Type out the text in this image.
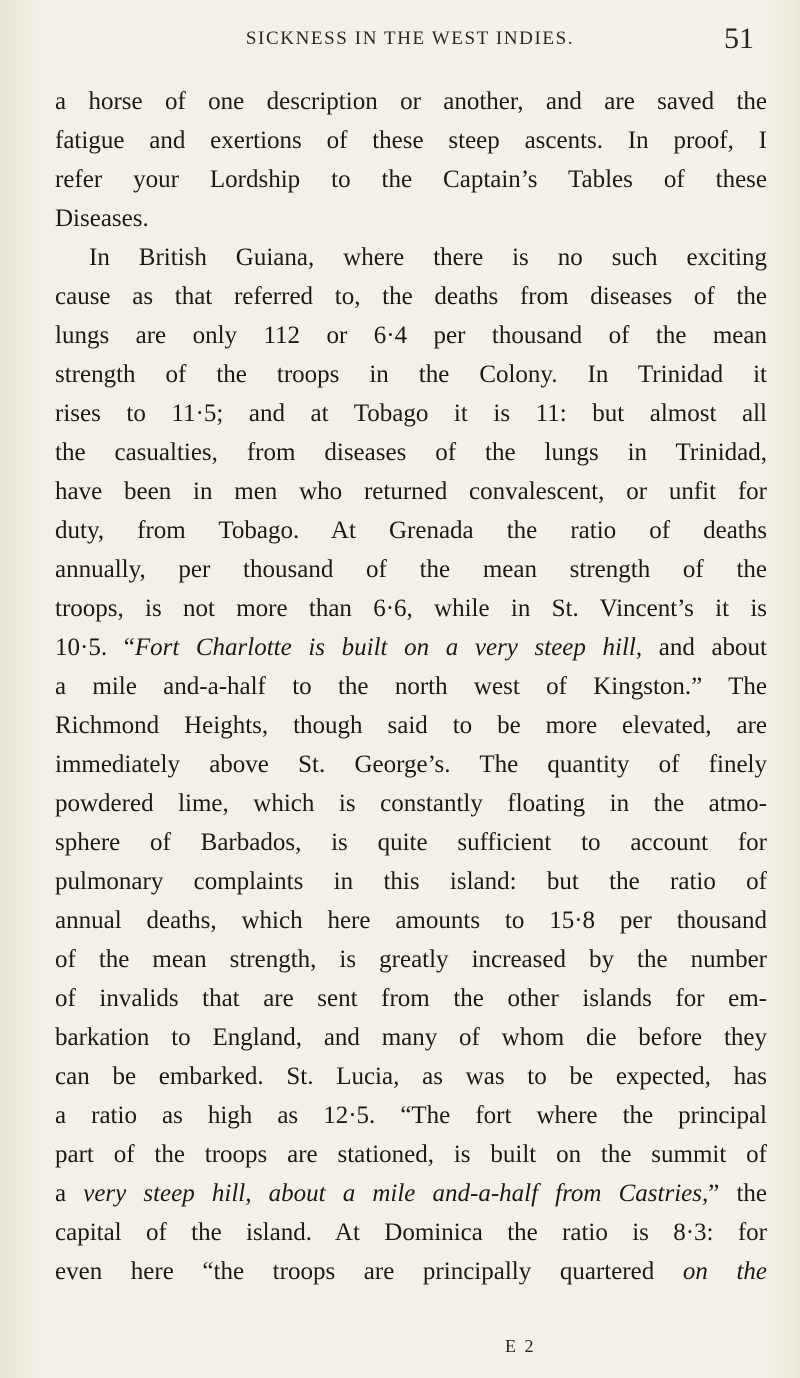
SICKNESS IN THE WEST INDIES.	51
a horse of one description or another, and are saved the
fatigue and exertions of these steep ascents. In proof, I
refer your Lordship to the Captain’s Tables of these
Diseases.
In British Guiana, where there is no such exciting
cause as that referred to, the deaths from diseases of the
lungs are only 112 or 6·4 per thousand of the mean
strength of the troops in the Colony. In Trinidad it
rises to 11·5; and at Tobago it is 11: but almost all
the casualties, from diseases of the lungs in Trinidad,
have been in men who returned convalescent, or unfit for
duty, from Tobago. At Grenada the ratio of deaths
annually, per thousand of the mean strength of the
troops, is not more than 6·6, while in St. Vincent’s it is
10·5. “Fort Charlotte is built on a very steep hill, and about
a mile and-a-half to the north west of Kingston.” The
Richmond Heights, though said to be more elevated, are
immediately above St. George’s. The quantity of finely
powdered lime, which is constantly floating in the atmo-
sphere of Barbados, is quite sufficient to account for
pulmonary complaints in this island: but the ratio of
annual deaths, which here amounts to 15·8 per thousand
of the mean strength, is greatly increased by the number
of invalids that are sent from the other islands for em-
barkation to England, and many of whom die before they
can be embarked. St. Lucia, as was to be expected, has
a ratio as high as 12·5. “The fort where the principal
part of the troops are stationed, is built on the summit of
a very steep hill, about a mile and-a-half from Castries,” the
capital of the island. At Dominica the ratio is 8·3: for
even here “the troops are principally quartered on the
E 2
